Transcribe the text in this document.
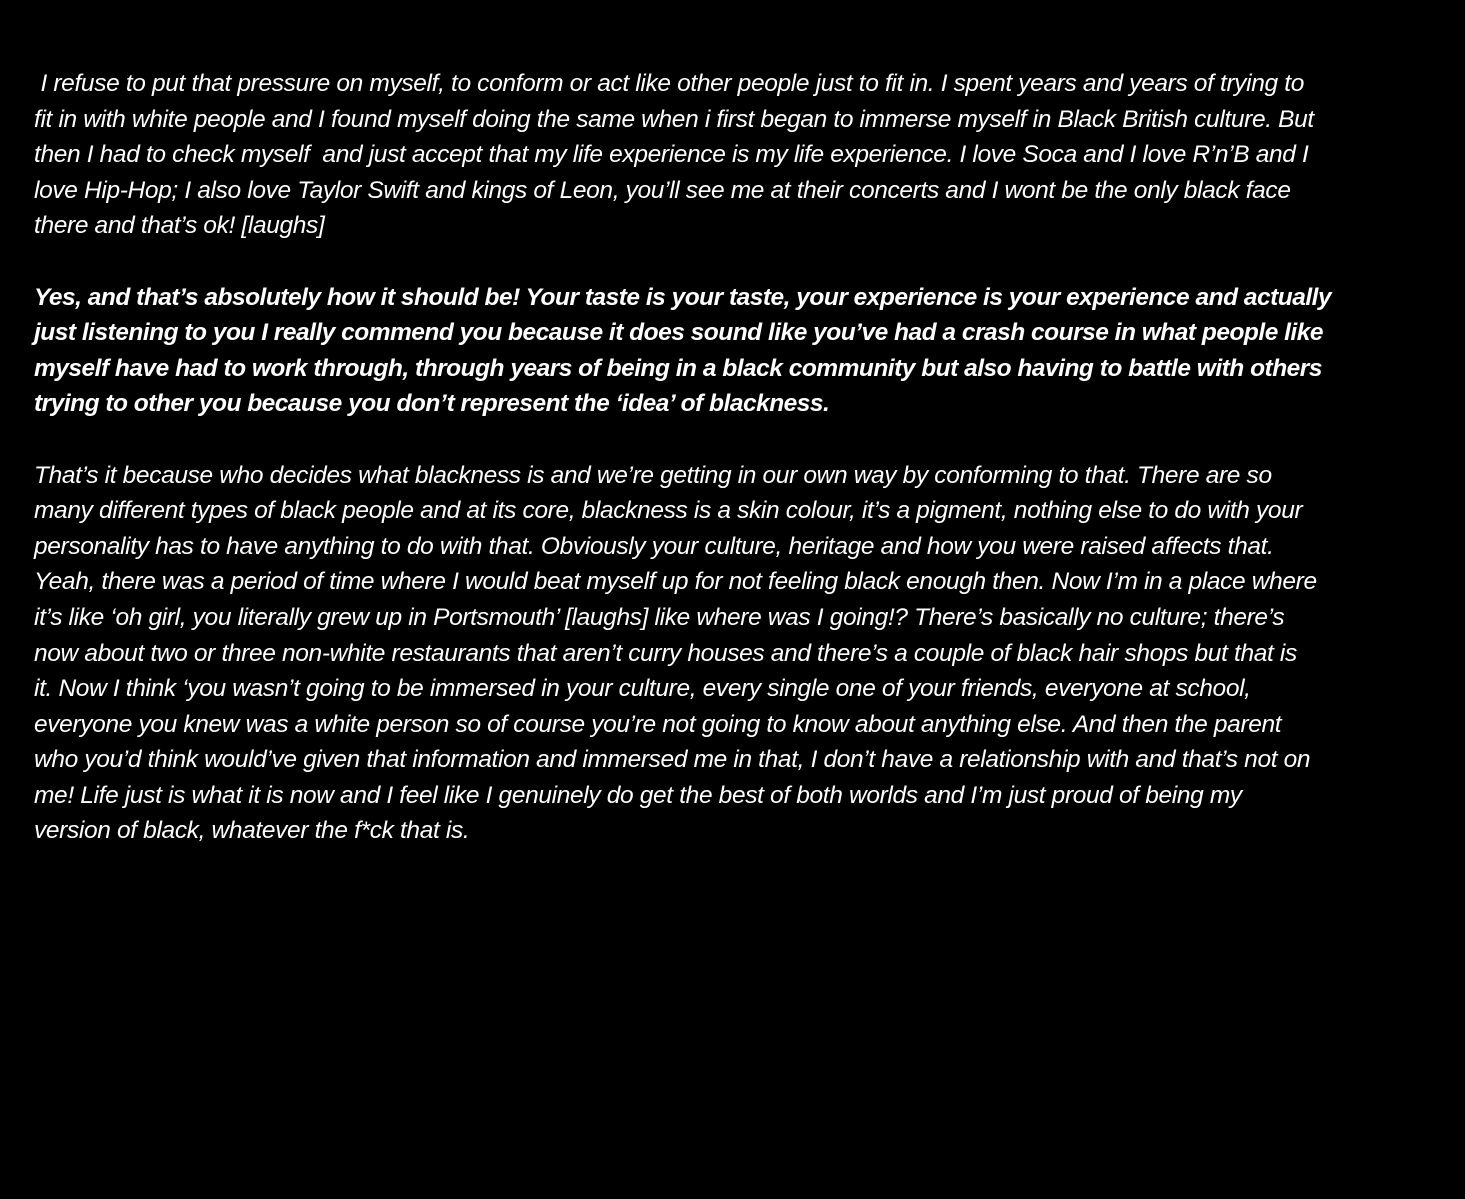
I refuse to put that pressure on myself, to conform or act like other people just to fit in. I spent years and years of trying to
fit in with white people and I found myself doing the same when i first began to immerse myself in Black British culture. But
then I had to check myself  and just accept that my life experience is my life experience. I love Soca and I love R’n’B and I
love Hip-Hop; I also love Taylor Swift and kings of Leon, you’ll see me at their concerts and I wont be the only black face
there and that’s ok! [laughs]

Yes, and that’s absolutely how it should be! Your taste is your taste, your experience is your experience and actually
just listening to you I really commend you because it does sound like you’ve had a crash course in what people like
myself have had to work through, through years of being in a black community but also having to battle with others
trying to other you because you don’t represent the ‘idea’ of blackness.

That’s it because who decides what blackness is and we’re getting in our own way by conforming to that. There are so
many different types of black people and at its core, blackness is a skin colour, it’s a pigment, nothing else to do with your
personality has to have anything to do with that. Obviously your culture, heritage and how you were raised affects that.
Yeah, there was a period of time where I would beat myself up for not feeling black enough then. Now I’m in a place where
it’s like ‘oh girl, you literally grew up in Portsmouth’ [laughs] like where was I going!? There’s basically no culture; there’s
now about two or three non-white restaurants that aren’t curry houses and there’s a couple of black hair shops but that is
it. Now I think ‘you wasn’t going to be immersed in your culture, every single one of your friends, everyone at school,
everyone you knew was a white person so of course you’re not going to know about anything else. And then the parent
who you’d think would’ve given that information and immersed me in that, I don’t have a relationship with and that’s not on
me! Life just is what it is now and I feel like I genuinely do get the best of both worlds and I’m just proud of being my
version of black, whatever the f*ck that is.
